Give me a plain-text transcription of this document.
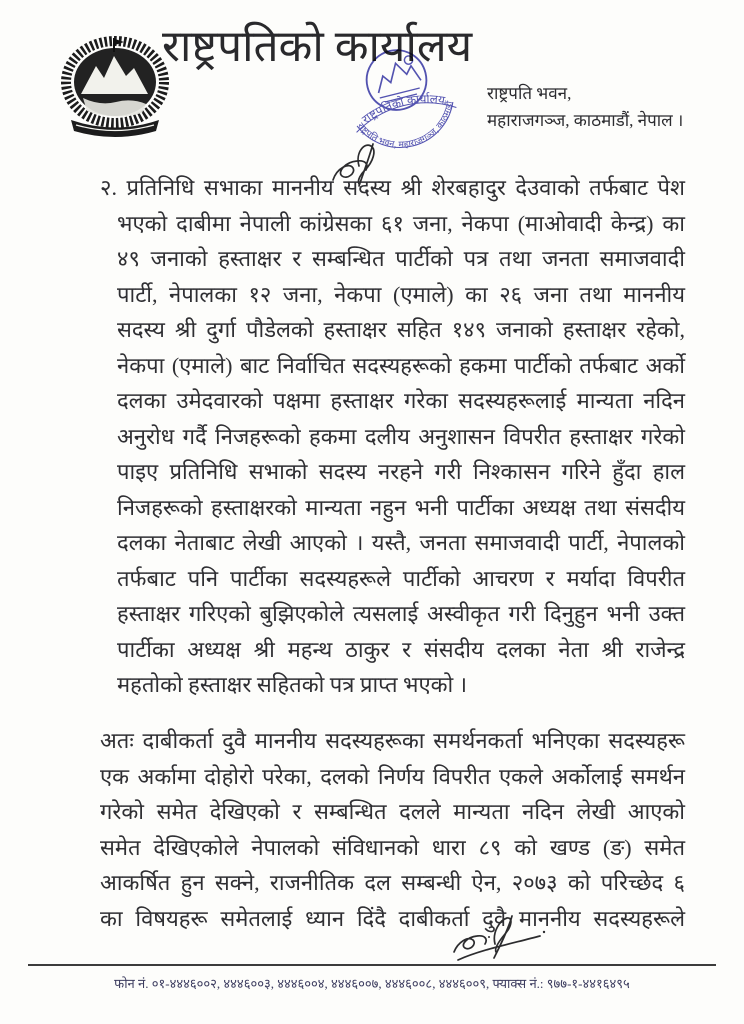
राष्ट्रपतिको कार्यालय
राष्ट्रपतिको कार्यालय
राष्ट्रपति भवन, महाराजगञ्ज, काठमाडौं
राष्ट्रपति भवन,
महाराजगञ्ज, काठमाडौं, नेपाल ।
२. प्रतिनिधि सभाका माननीय सदस्य श्री शेरबहादुर देउवाको तर्फबाट पेश
भएको दाबीमा नेपाली कांग्रेसका ६१ जना, नेकपा (माओवादी केन्द्र) का
४९ जनाको हस्ताक्षर र सम्बन्धित पार्टीको पत्र तथा जनता समाजवादी
पार्टी, नेपालका १२ जना, नेकपा (एमाले) का २६ जना तथा माननीय
सदस्य श्री दुर्गा पौडेलको हस्ताक्षर सहित १४९ जनाको हस्ताक्षर रहेको,
नेकपा (एमाले) बाट निर्वाचित सदस्यहरूको हकमा पार्टीको तर्फबाट अर्को
दलका उमेदवारको पक्षमा हस्ताक्षर गरेका सदस्यहरूलाई मान्यता नदिन
अनुरोध गर्दै निजहरूको हकमा दलीय अनुशासन विपरीत हस्ताक्षर गरेको
पाइए प्रतिनिधि सभाको सदस्य नरहने गरी निश्कासन गरिने हुँदा हाल
निजहरूको हस्ताक्षरको मान्यता नहुन भनी पार्टीका अध्यक्ष तथा संसदीय
दलका नेताबाट लेखी आएको । यस्तै, जनता समाजवादी पार्टी, नेपालको
तर्फबाट पनि पार्टीका सदस्यहरूले पार्टीको आचरण र मर्यादा विपरीत
हस्ताक्षर गरिएको बुझिएकोले त्यसलाई अस्वीकृत गरी दिनुहुन भनी उक्त
पार्टीका अध्यक्ष श्री महन्थ ठाकुर र संसदीय दलका नेता श्री राजेन्द्र
महतोको हस्ताक्षर सहितको पत्र प्राप्त भएको ।
अतः दाबीकर्ता दुवै माननीय सदस्यहरूका समर्थनकर्ता भनिएका सदस्यहरू
एक अर्कामा दोहोरो परेका, दलको निर्णय विपरीत एकले अर्कोलाई समर्थन
गरेको समेत देखिएको र सम्बन्धित दलले मान्यता नदिन लेखी आएको
समेत देखिएकोले नेपालको संविधानको धारा ८९ को खण्ड (ङ) समेत
आकर्षित हुन सक्ने, राजनीतिक दल सम्बन्धी ऐन, २०७३ को परिच्छेद ६
का विषयहरू समेतलाई ध्यान दिंदै दाबीकर्ता दुवै माननीय सदस्यहरूले
फोन नं. ०१-४४४६००२, ४४४६००३, ४४४६००४, ४४४६००७, ४४४६००८, ४४४६००९, फ्याक्स नं.: ९७७-१-४४१६४९५
